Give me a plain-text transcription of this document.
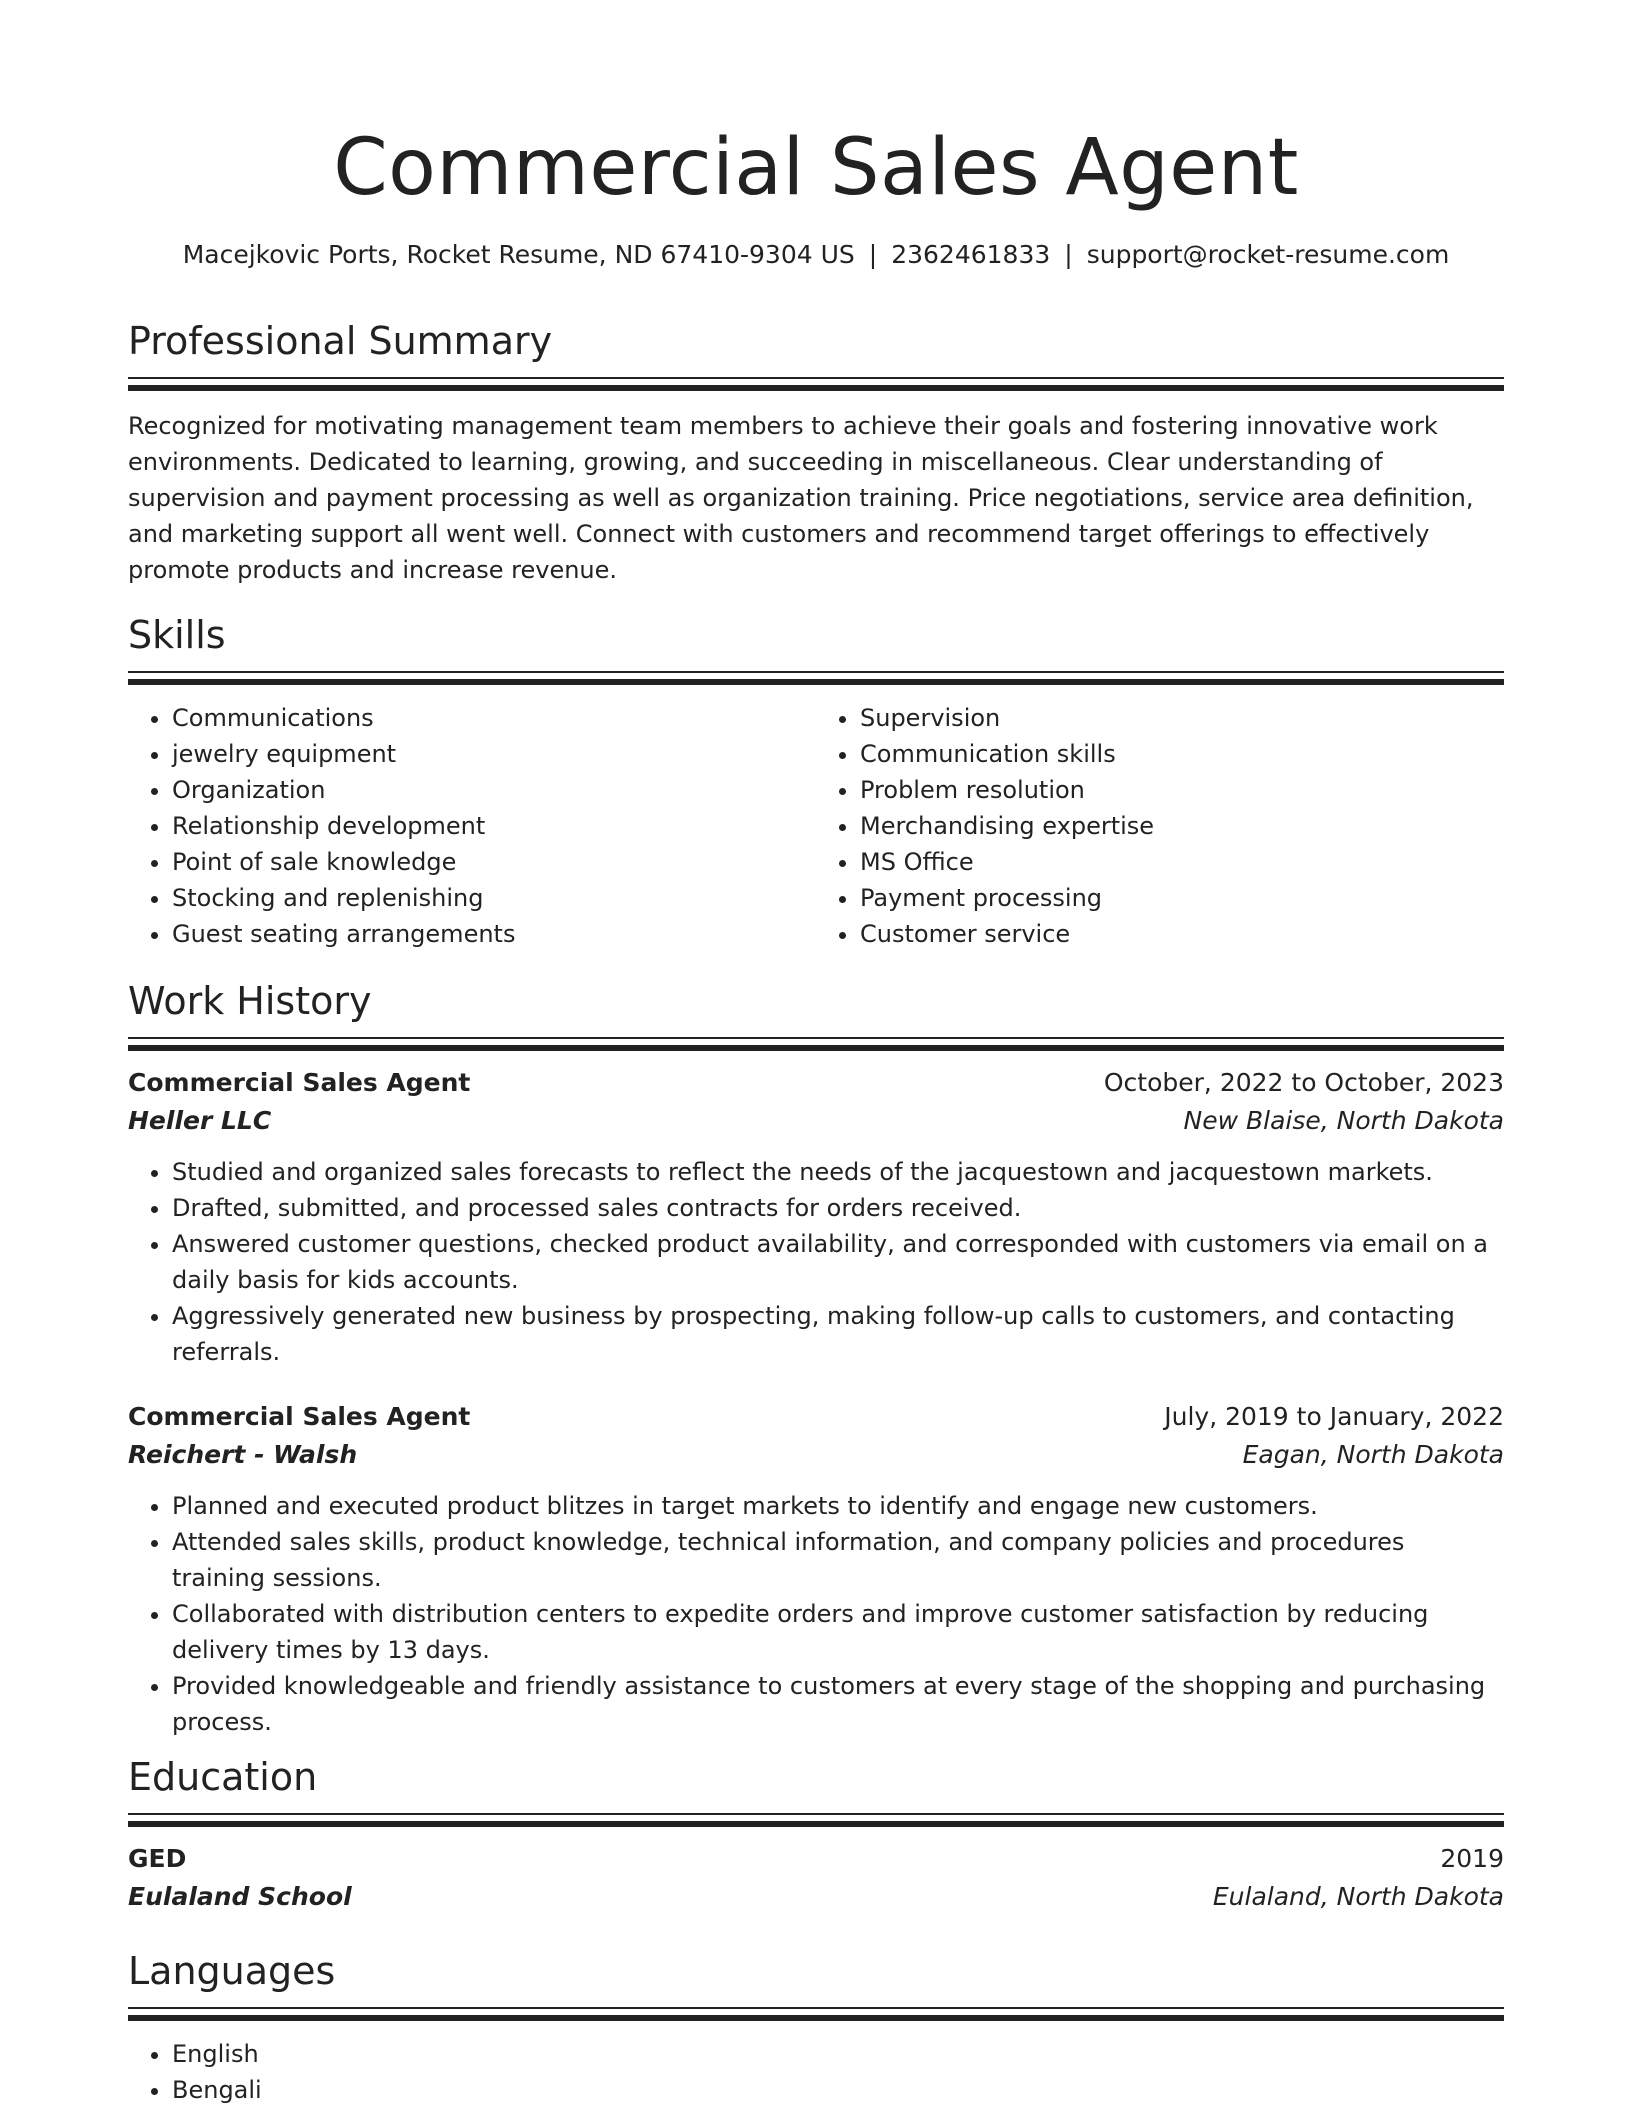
Commercial Sales Agent
Macejkovic Ports, Rocket Resume, ND 67410-9304 US | 2362461833 | support@rocket-resume.com
Professional Summary

Recognized for motivating management team members to achieve their goals and fostering innovative work environments. Dedicated to learning, growing, and succeeding in miscellaneous. Clear understanding of supervision and payment processing as well as organization training. Price negotiations, service area definition, and marketing support all went well. Connect with customers and recommend target offerings to effectively promote products and increase revenue.

Skills
• Communications
• jewelry equipment
• Organization
• Relationship development
• Point of sale knowledge
• Stocking and replenishing
• Guest seating arrangements
• Supervision
• Communication skills
• Problem resolution
• Merchandising expertise
• MS Office
• Payment processing
• Customer service
Work History
Commercial Sales Agent	October, 2022 to October, 2023
Heller LLC	New Blaise, North Dakota
• Studied and organized sales forecasts to reflect the needs of the jacquestown and jacquestown markets.
• Drafted, submitted, and processed sales contracts for orders received.
• Answered customer questions, checked product availability, and corresponded with customers via email on a daily basis for kids accounts.
• Aggressively generated new business by prospecting, making follow-up calls to customers, and contacting referrals.
Commercial Sales Agent	July, 2019 to January, 2022
Reichert - Walsh	Eagan, North Dakota
• Planned and executed product blitzes in target markets to identify and engage new customers.
• Attended sales skills, product knowledge, technical information, and company policies and procedures training sessions.
• Collaborated with distribution centers to expedite orders and improve customer satisfaction by reducing delivery times by 13 days.
• Provided knowledgeable and friendly assistance to customers at every stage of the shopping and purchasing process.
Education
GED	2019
Eulaland School	Eulaland, North Dakota
Languages
• English
• Bengali
